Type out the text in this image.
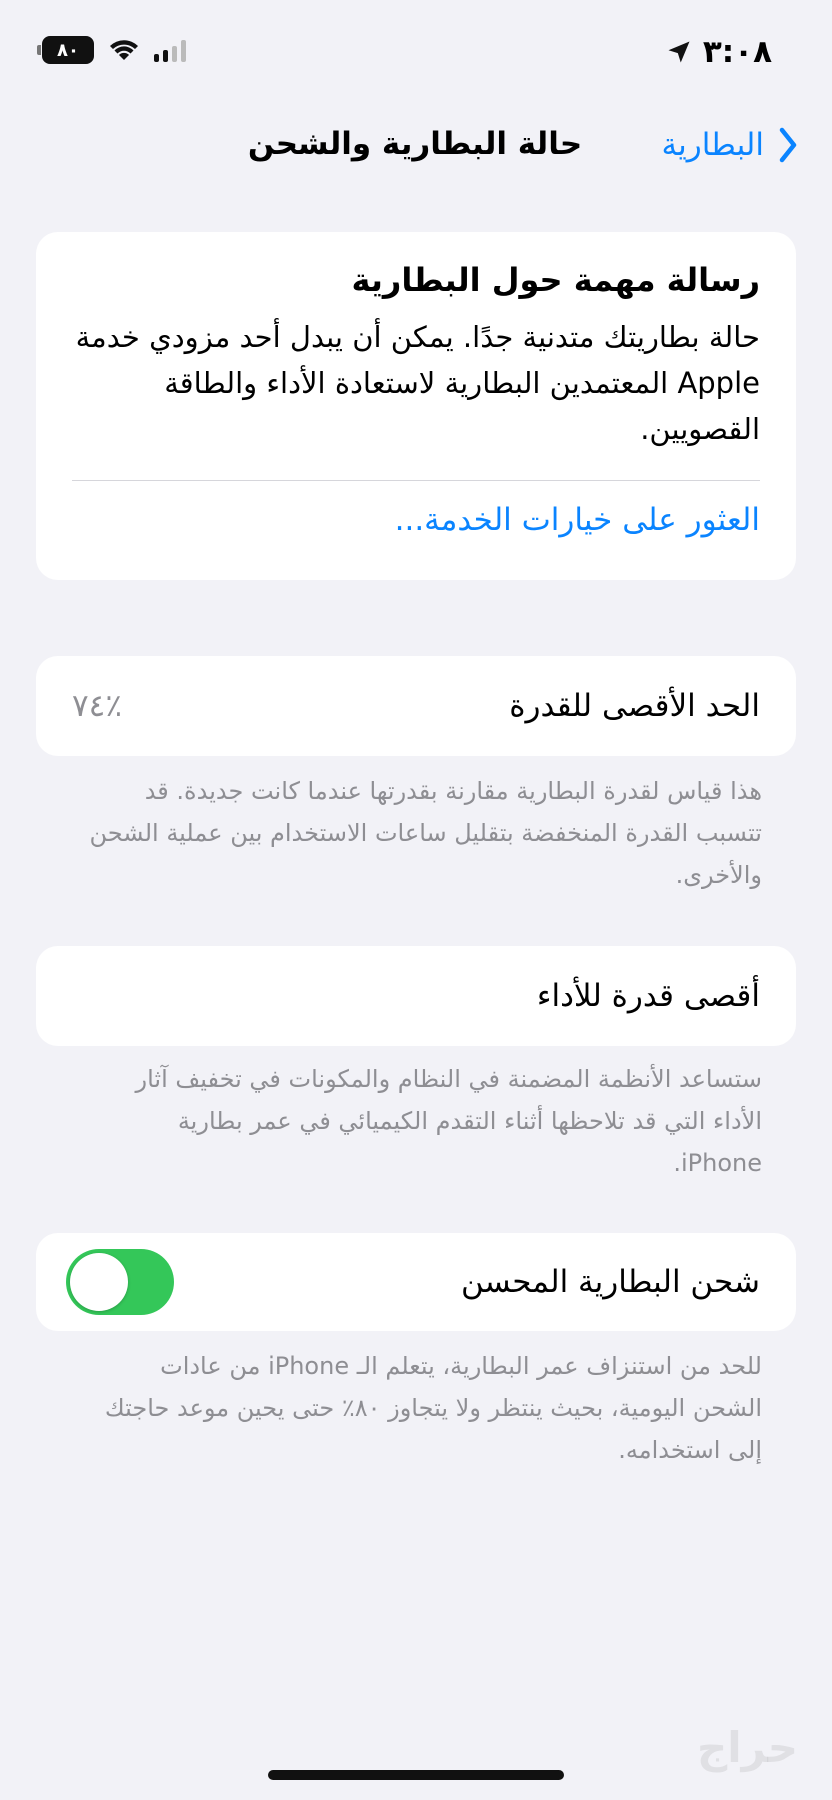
٨٠	٣:٠٨
البطارية
حالة البطارية والشحن
رسالة مهمة حول البطارية

حالة بطاريتك متدنية جدًا. يمكن أن يبدل أحد مزودي خدمة Apple المعتمدين البطارية لاستعادة الأداء والطاقة القصويين.

العثور على خيارات الخدمة...
الحد الأقصى للقدرة
٪٧٤
هذا قياس لقدرة البطارية مقارنة بقدرتها عندما كانت جديدة. قد تتسبب القدرة المنخفضة بتقليل ساعات الاستخدام بين عملية الشحن والأخرى.
أقصى قدرة للأداء
ستساعد الأنظمة المضمنة في النظام والمكونات في تخفيف آثار الأداء التي قد تلاحظها أثناء التقدم الكيميائي في عمر بطارية iPhone.
شحن البطارية المحسن
للحد من استنزاف عمر البطارية، يتعلم الـ iPhone من عادات الشحن اليومية، بحيث ينتظر ولا يتجاوز ٨٠٪ حتى يحين موعد حاجتك إلى استخدامه.
حراج
